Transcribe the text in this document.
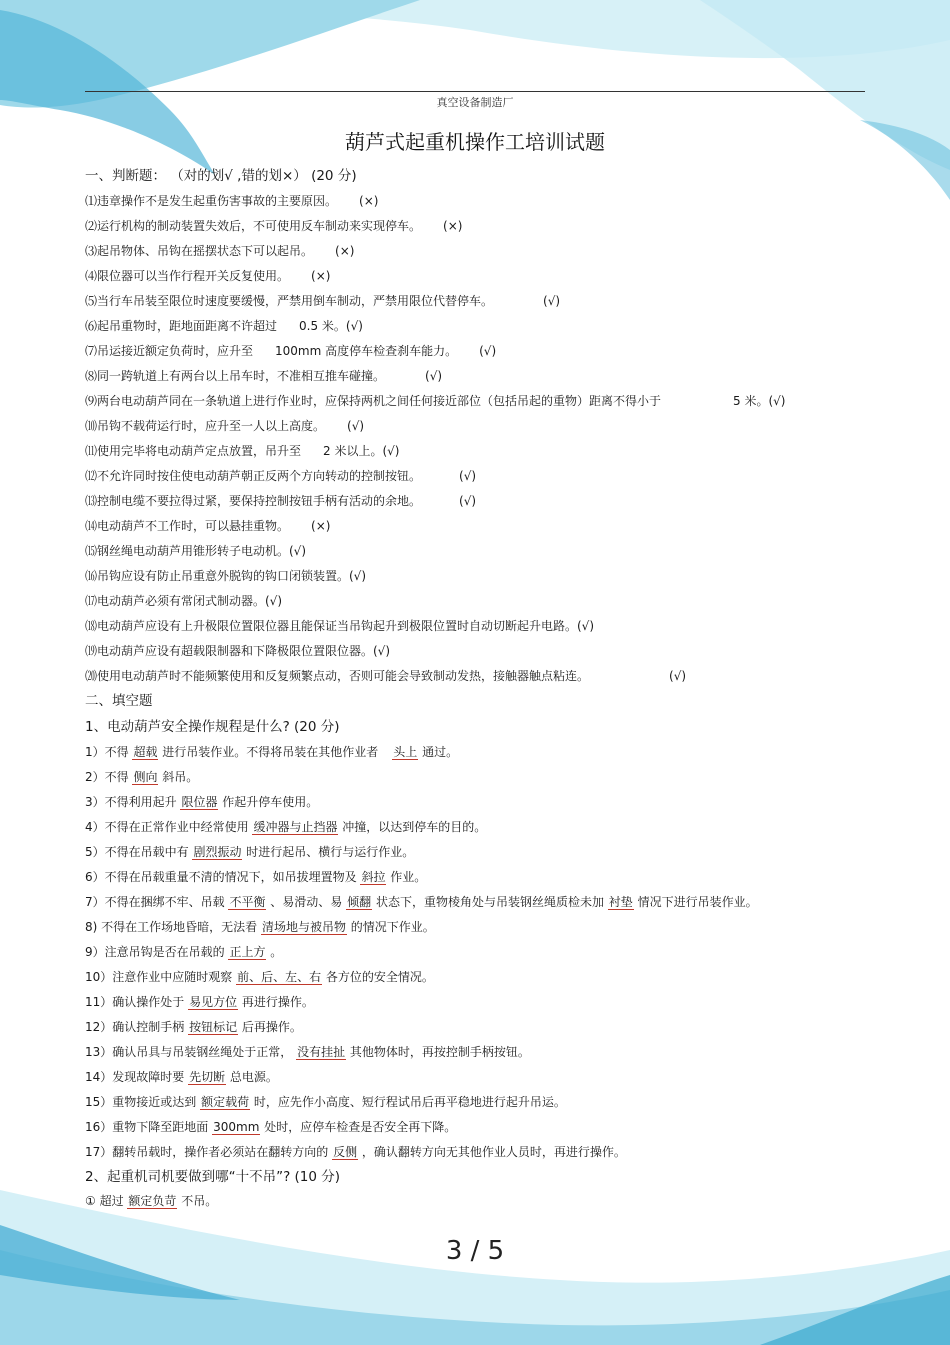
真空设备制造厂
葫芦式起重机操作工培训试题
一、判断题： （对的划√ ,错的划×） (20 分)
⑴违章操作不是发生起重伤害事故的主要原因。 (×)
⑵运行机构的制动装置失效后，不可使用反车制动来实现停车。 (×)
⑶起吊物体、吊钩在摇摆状态下可以起吊。 (×)
⑷限位器可以当作行程开关反复使用。 (×)
⑸当行车吊装至限位时速度要缓慢，严禁用倒车制动，严禁用限位代替停车。	(√)
⑹起吊重物时，距地面距离不许超过 0.5 米。(√)
⑺吊运接近额定负荷时，应升至 100mm 高度停车检查刹车能力。 (√)
⑻同一跨轨道上有两台以上吊车时，不准相互推车碰撞。	(√)
⑼两台电动葫芦同在一条轨道上进行作业时，应保持两机之间任何接近部位（包括吊起的重物）距离不得小于	5 米。(√)
⑽吊钩不载荷运行时，应升至一人以上高度。 (√)
⑾使用完毕将电动葫芦定点放置，吊升至 2 米以上。(√)
⑿不允许同时按住使电动葫芦朝正反两个方向转动的控制按钮。	(√)
⒀控制电缆不要拉得过紧，要保持控制按钮手柄有活动的余地。	(√)
⒁电动葫芦不工作时，可以悬挂重物。 (×)
⒂钢丝绳电动葫芦用锥形转子电动机。(√)
⒃吊钩应设有防止吊重意外脱钩的钩口闭锁装置。(√)
⒄电动葫芦必须有常闭式制动器。(√)
⒅电动葫芦应设有上升极限位置限位器且能保证当吊钩起升到极限位置时自动切断起升电路。(√)
⒆电动葫芦应设有超载限制器和下降极限位置限位器。(√)
⒇使用电动葫芦时不能频繁使用和反复频繁点动，否则可能会导致制动发热，接触器触点粘连。	(√)
二、填空题
1、电动葫芦安全操作规程是什么? (20 分)
1）不得 超载 进行吊装作业。不得将吊装在其他作业者 头上 通过。
2）不得 侧向 斜吊。
3）不得利用起升 限位器 作起升停车使用。
4）不得在正常作业中经常使用 缓冲器与止挡器 冲撞，以达到停车的目的。
5）不得在吊载中有 剧烈振动 时进行起吊、横行与运行作业。
6）不得在吊载重量不清的情况下，如吊拔埋置物及 斜拉 作业。
7）不得在捆绑不牢、吊载 不平衡 、易滑动、易 倾翻 状态下，重物棱角处与吊装钢丝绳质检未加 衬垫 情况下进行吊装作业。
8) 不得在工作场地昏暗，无法看 清场地与被吊物 的情况下作业。
9）注意吊钩是否在吊载的 正上方 。
10）注意作业中应随时观察 前、后、左、右 各方位的安全情况。
11）确认操作处于 易见方位 再进行操作。
12）确认控制手柄 按钮标记 后再操作。
13）确认吊具与吊装钢丝绳处于正常， 没有挂扯 其他物体时，再按控制手柄按钮。
14）发现故障时要 先切断 总电源。
15）重物接近或达到 额定载荷 时，应先作小高度、短行程试吊后再平稳地进行起升吊运。
16）重物下降至距地面 300mm 处时，应停车检查是否安全再下降。
17）翻转吊载时，操作者必须站在翻转方向的 反侧 ，确认翻转方向无其他作业人员时，再进行操作。
2、起重机司机要做到哪“十不吊”? (10 分)
① 超过 额定负苛 不吊。
3 / 5
